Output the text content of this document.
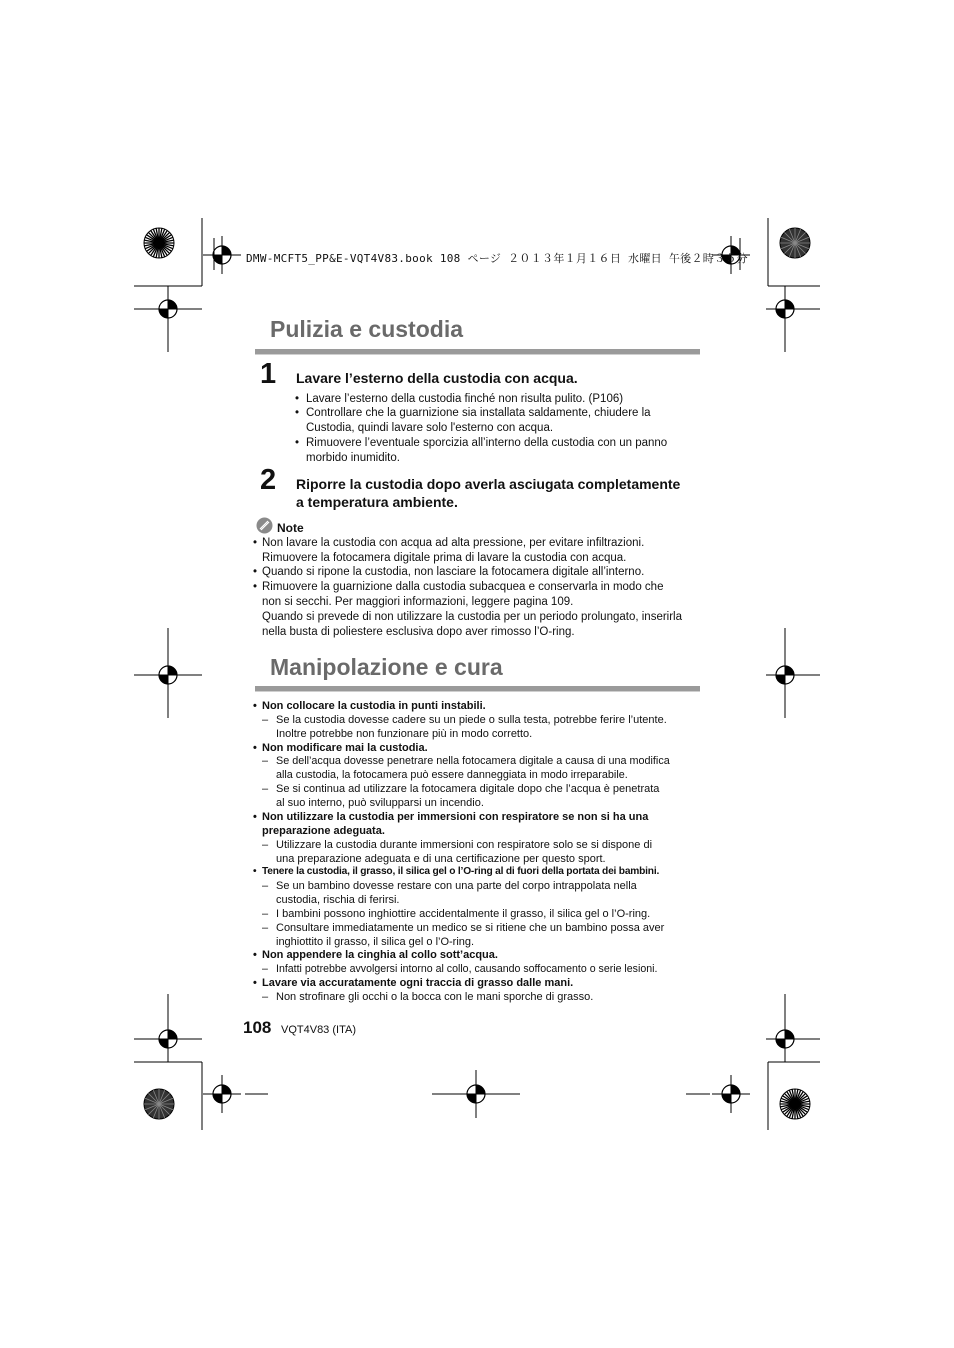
DMW-MCFT5_PP&E-VQT4V83.book 108 ページ ２０１３年１月１６日 水曜日 午後２時３５分
Pulizia e custodia
1 Lavare l’esterno della custodia con acqua.
• Lavare l’esterno della custodia finché non risulta pulito. (P106)
• Controllare che la guarnizione sia installata saldamente, chiudere la
Custodia, quindi lavare solo l'esterno con acqua.
• Rimuovere l’eventuale sporcizia all’interno della custodia con un panno
morbido inumidito.
2 Riporre la custodia dopo averla asciugata completamente
a temperatura ambiente.
Note
• Non lavare la custodia con acqua ad alta pressione, per evitare infiltrazioni.
Rimuovere la fotocamera digitale prima di lavare la custodia con acqua.
• Quando si ripone la custodia, non lasciare la fotocamera digitale all’interno.
• Rimuovere la guarnizione dalla custodia subacquea e conservarla in modo che
non si secchi. Per maggiori informazioni, leggere pagina 109.
Quando si prevede di non utilizzare la custodia per un periodo prolungato, inserirla
nella busta di poliestere esclusiva dopo aver rimosso l’O-ring.
Manipolazione e cura
• Non collocare la custodia in punti instabili.
– Se la custodia dovesse cadere su un piede o sulla testa, potrebbe ferire l’utente.
Inoltre potrebbe non funzionare più in modo corretto.
• Non modificare mai la custodia.
– Se dell’acqua dovesse penetrare nella fotocamera digitale a causa di una modifica
alla custodia, la fotocamera può essere danneggiata in modo irreparabile.
– Se si continua ad utilizzare la fotocamera digitale dopo che l’acqua è penetrata
al suo interno, può svilupparsi un incendio.
• Non utilizzare la custodia per immersioni con respiratore se non si ha una
preparazione adeguata.
– Utilizzare la custodia durante immersioni con respiratore solo se si dispone di
una preparazione adeguata e di una certificazione per questo sport.
• Tenere la custodia, il grasso, il silica gel o l’O-ring al di fuori della portata dei bambini.
– Se un bambino dovesse restare con una parte del corpo intrappolata nella
custodia, rischia di ferirsi.
– I bambini possono inghiottire accidentalmente il grasso, il silica gel o l’O-ring.
– Consultare immediatamente un medico se si ritiene che un bambino possa aver
inghiottito il grasso, il silica gel o l’O-ring.
• Non appendere la cinghia al collo sott’acqua.
– Infatti potrebbe avvolgersi intorno al collo, causando soffocamento o serie lesioni.
• Lavare via accuratamente ogni traccia di grasso dalle mani.
– Non strofinare gli occhi o la bocca con le mani sporche di grasso.
108 VQT4V83 (ITA)
